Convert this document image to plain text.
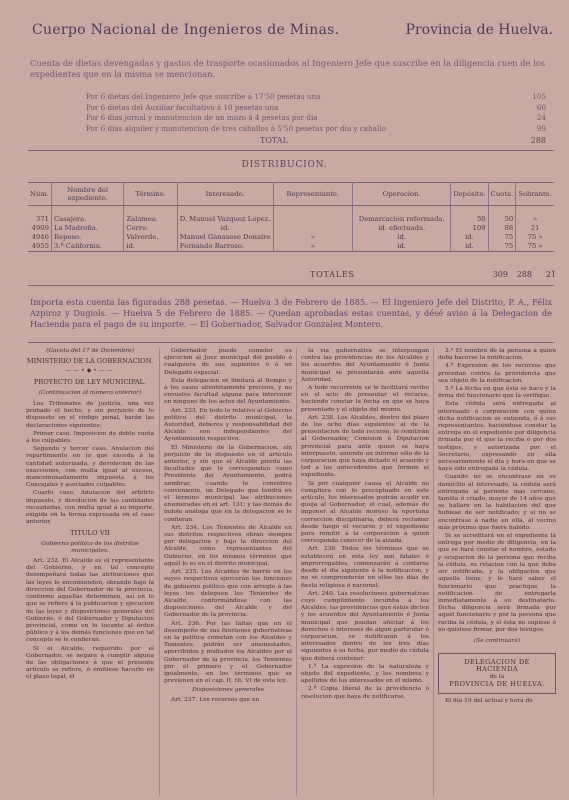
Cuerpo Nacional de Ingenieros de Minas.	Provincia de Huelva.
Cuenta de dietas devengadas y gastos de trasporte ocasionados al Ingeniero Jefe que suscribe en la diligencia cuen de los expedientes que en la misma se mencionan.
Por 6 dietas del Ingeniero Jefe que suscribe á 17'50 pesetas una	105
Por 6 dietas del Auxiliar facultativo á 10 pesetas una	60
Por 6 dias jornal y manutencion de un mozo á 4 pesetas por dia	24
Por 6 dias alquiler y manutencion de tres caballos á 5'50 pesetas por dia y caballo	99
TOTAL	288
DISTRIBUCION.
Núm.	Nombre del expediente.	Término.	Interesado.	Representante.	Operacion.	Depósito.	Cuota.	Sobrante.

371	Casajora.	Zalamea.	D. Manuel Vazquez Lopez.		Demarcacion reformada.	50	50	»
4909	La Madroña.	Cerro.	id.		id. efectuada.	109	88	21
4946	Reposo.	Valverde.	Manuel Ganaseso Donaire	»	id.	id.	75	75 »
4955	3.ª California.	id.	Fernando Barroso.	»	id.	id.	75	75 »
TOTALES	309	288	21
Importa esta cuenta las figuradas 288 pesetas. — Huelva 3 de Febrero de 1885. — El Ingeniero Jefe del Distrito, P. A., Félix Azpiroz y Dugiols. — Huelva 5 de Febrero de 1885. — Quedan aprobadas estas cuentas, y désé aviso á la Delegacion de Hacienda para el pago de su importe. — El Gobernador, Salvador Gonzalez Montero.
(Gaceta del 17 de Diciembre)
MINISTERIO DE LA GOBERNACION.
——•◆•——
PROYECTO DE LEY MUNICIPAL.
(Continuacion al número anterior)

Los Tribunales de justicia, una vez probado el hecho, y sin perjuicio de lo dispuesto en el código penal, harán las declaraciones siguientes:

Primer caso. Imposicion de doble cuota á los culpables.

Segundo y tercer caso. Anulacion del repartimiento en lo que exceda á la cantidad autorizada, y devolucion de las exacciones, con multa igual al exceso, mancomunadamente impuesta á los Concejales y asociados culpables.

Cuarto caso. Anulacion del arbitrio impuesto, y devolucion de las cantidades recaudadas, con multa igual á su importe, exigida en la forma expresada en el caso anterior.

TITULO VII
Gobierno político de los distritos municipales.

Art. 232. El Alcalde es el representante del Gobierno, y en tal concepto desempeñará todas las atribuciones que las leyes le encomienden, obrando bajo la direccion del Gobernador de la provincia, conforme aquellas determinen, así en lo que se refiere á la publicacion y ejecucion de las leyes y disposiciones generales del Gobierno, ó del Gobernador y Diputacion provincial, como en lo tocante al órden público y á los demás funciones que en tal concepto se le confieran.

Si el Alcalde, requerido por el Gobernador, se negare á cumplir alguna de las obligaciones á que el presente artículo se refiere, ó omitiese hacerlo en el plazo legal, el

Gobernador puede cometer su ejecucion al Juez municipal del pueblo ó cualquiera de sus suplentes ó á un Delegado especial.

Esta delegacion se limitará al tiempo y á los casos absolutamente precisos, y no envuelve facultad alguna para intervenir en ninguno de los actos del Ayuntamiento.

Art. 233. En todo lo relativo al Gobierno político del distrito municipal, la Autoridad, deberes y responsabilidad del Alcalde son independientes del Ayuntamiento respectivo.

El Ministerio de la Gobernacion, sin perjuicio de lo dispuesto en el artículo anterior, y sin que el Alcalde pierda las facultades que le corresponden como Presidente del Ayuntamiento, podrá nombrar, cuando lo considere conveniente, un Delegado que tendrá en el término municipal las atribuciones enumeradas en el art. 131; y las demás de índole análoga que en la delegacion se le confieran.

Art. 234. Los Tenientes de Alcalde en sus distritos respectivos obran siempre por delegacion y bajo la direccion del Alcalde, como representantes del Gobierno, en los mismos términos que aquél lo es en el distrito municipal.

Art. 235. Los Alcaldes de barrio en los suyos respectivos ejercerán las funciones de gobierno político que con arreglo á las leyes les deleguen los Tenientes de Alcalde, conformándose con las disposiciones del Alcalde y del Gobernador de la provincia.

Art. 236. Por las faltas que en el desempeño de sus funciones gubernativas en la política cometan con los Alcaldes y Tenientes, podrán ser amonestados, apercibidos y multados los Alcaldes por el Gobernador de la provincia, los Tenientes por el primero y el Gobernador igualmente, en los términos que se previenen en el cap. II, tít. VI de esta ley.

Disposiciones generales

Art. 237. Los recursos que en

la vía gubernativa se interpongan contra las providencias de los Alcaldes y los acuerdos del Ayuntamiento ó Junta municipal se presentarán ante aquella Autoridad.

A todo recurrente se le facilitará recibo en el acto de presentar el recurso, haciendo constar la fecha en que se haya presentado y el objeto del mismo.

Art. 238. Los Alcaldes, dentro del plazo de los ocho días siguientes al de la presentacion de todo recurso, lo remitirán al Gobernador, Comision ó Diputacion provincial para ante quien se haya interpuesto, uniendo un informe sólo de la corporacion que haya dictado el acuerdo y tod a los antecedentes que formen el expediente.

Si por cualquier causa el Alcalde no cumpliera con lo preceptuado en este artículo, los interesados podrán acudir en queja al Gobernador, el cual, además de imponer al Alcalde moroso la oportuna correccion disciplinaria, deberá reclamar desde luego el recurso y el expediente para remitir á la corporacion á quien corresponda conocer de la alzada.

Art. 239. Todos los términos que se establecen en esta ley son fatales é improrrogables, comenzarán á contarse desde el día siguiente á la notificacion, y no se comprenderán en ellos los días de fiesta religiosa ó nacional.

Art. 240. Las resoluciones gubernativas cuyo cumplimiento incumba á los Alcaldes, las providencias que éstos dicten y los acuerdos del Ayuntamiento ó Junta municipal que puedan afectar á los derechos ó intereses de algun particular ó corporacion, se notificarán á los interesados dentro de los tres días siguientes á su fecha, por medio de cédula que deberá contener:

1.º La expresion de la naturaleza y objeto del expediente, y los nombres y apellidos de los interesados en el mismo.

2.º Copia literal de la providencia ó resolucion que haya de notificarse.

3.º El nombre de la persona á quien deba hacerse la notificacion.

4.º Expresion de los recursos que procedan contra la providencia que sea objeto de la notificacion.

5.º La fecha en que ésta se hace y la firma del funcionario que la verifique.

Esta cédula será entregada al interesado ó corporacion con quien dicha notificacion se entienda, ó á sus representantes, haciéndose constar la entrega en el expediente por diligencia firmada por el que la reciba ó por dos testigos, y autorizada por el Secretario, expresando en ella necesariamente el día y hora en que se haya sido entregada la cédula.

Cuando no se encontrase en su domicilio al interesado, la cédula será entregada al pariente mas cercano, familia ó criado, mayor de 14 años que se hallare en la habitacion del que hubiese de ser notificado; y si no se encontrase á nadie en ella, al vecino más próximo que fuere habido.

Si se acreditará en el expediente la entrega por medio de diligencia, en la que se hará constar el nombre, estado y ocupacion de la persona que reciba la cédula, su relacion con la que deba ser notificada, y la obligacion que aquella tiene, y le hará saber el funcionario que practique la notificacion de entregarla inmediatamente á su destinatario. Dicha diligencia será firmada por aquel funcionario y por la persona que reciba la cédula, y si ésta no supiese ó no quisiese firmar, por dos testigos.

(Se continuará)
DELEGACION DE HACIENDA
de la
PROVINCIA DE HUELVA.

El dia 19 del actual y hora de
